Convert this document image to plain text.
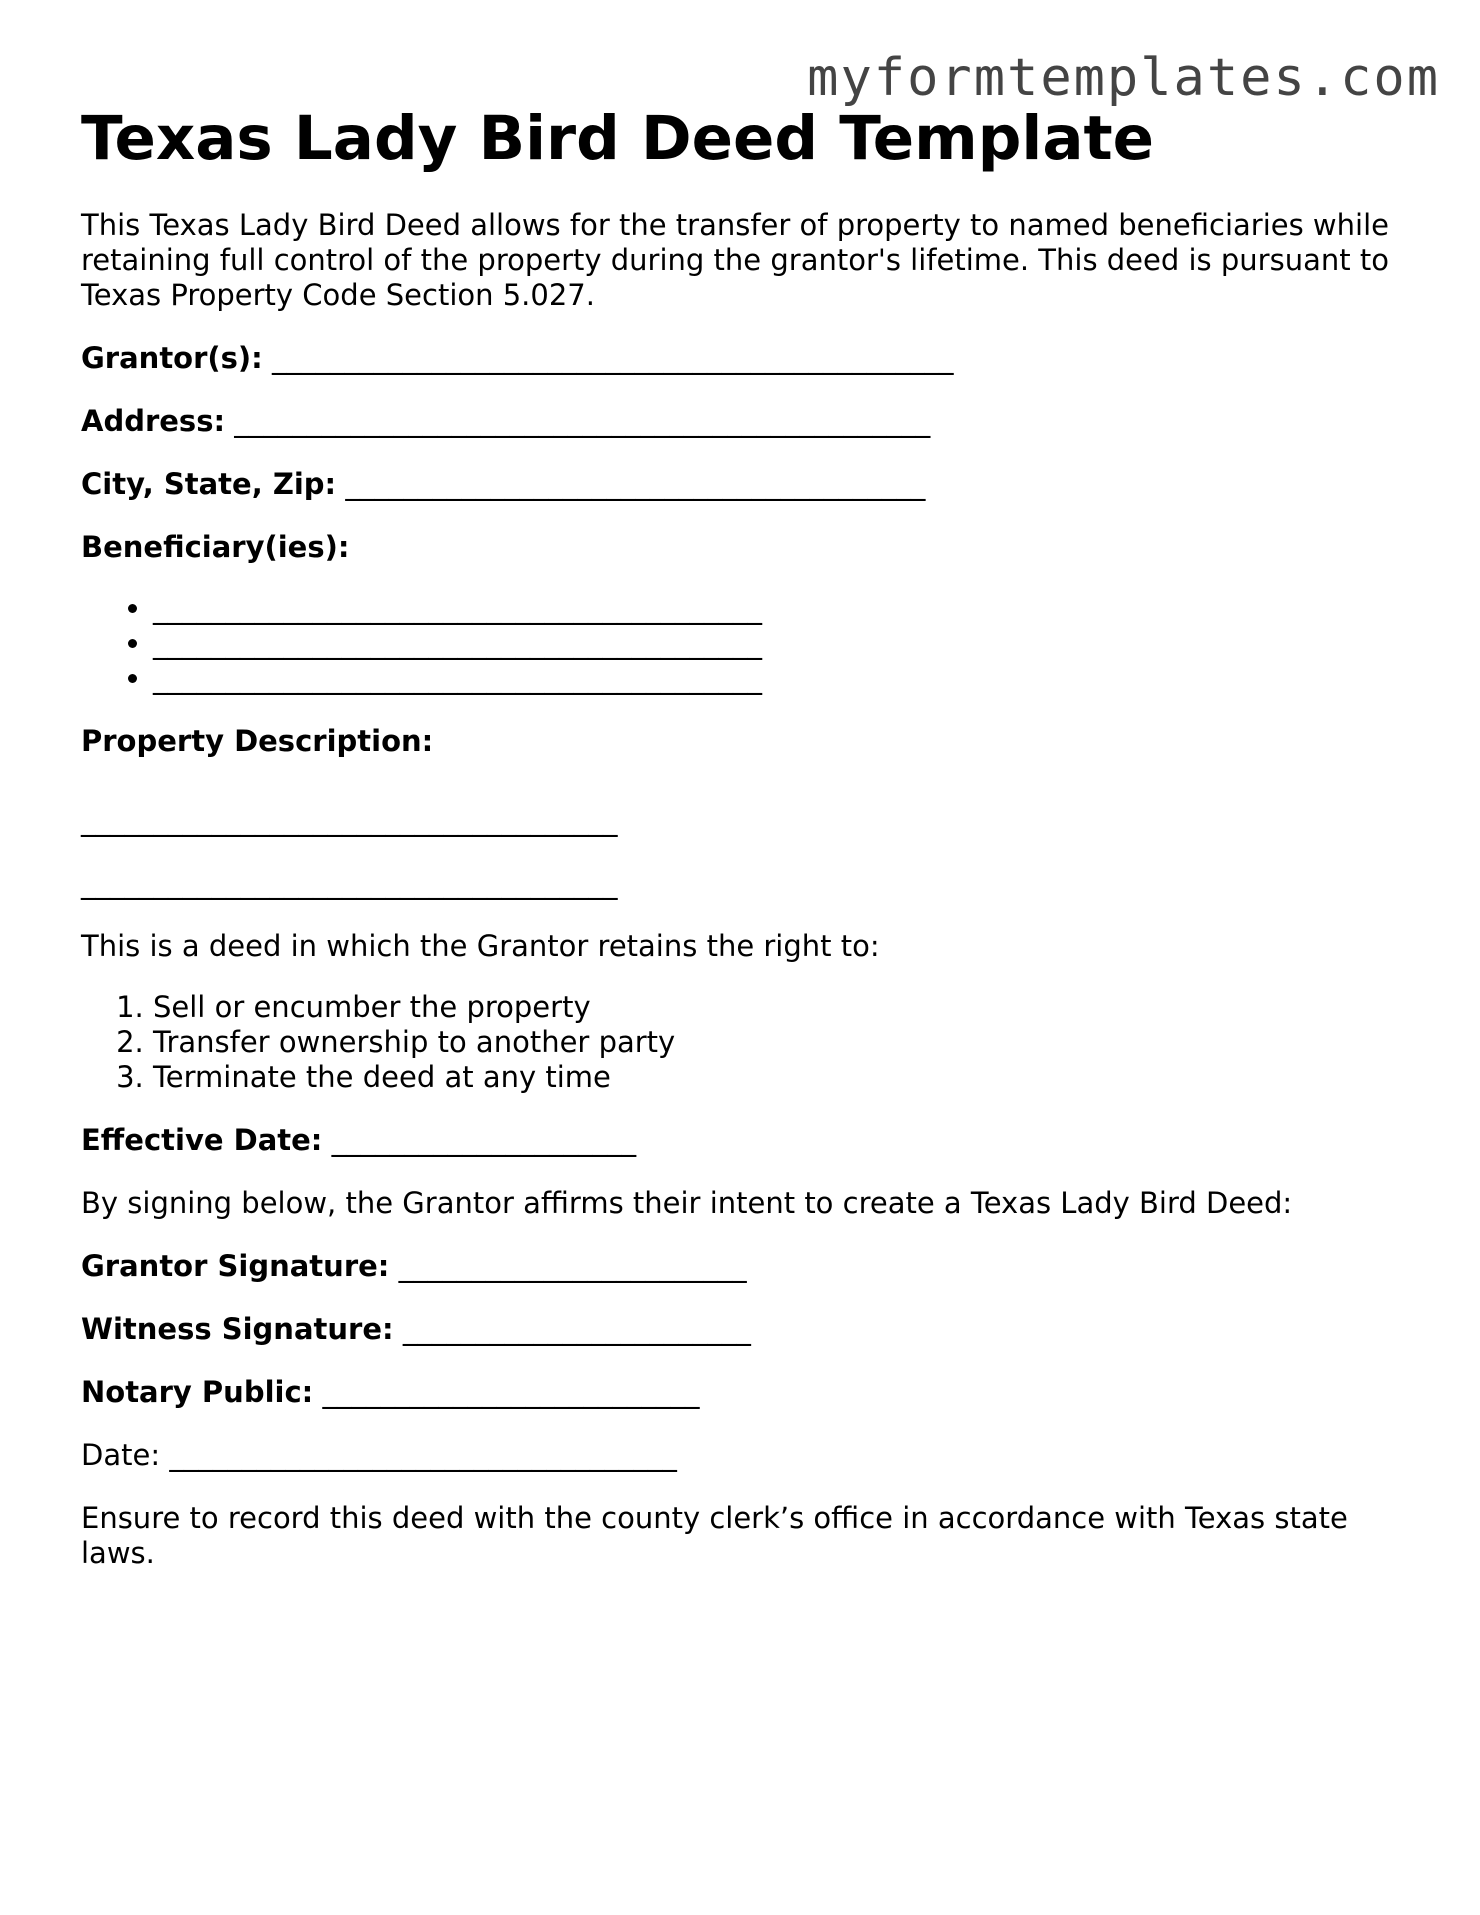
myformtemplates.com
Texas Lady Bird Deed Template

This Texas Lady Bird Deed allows for the transfer of property to named beneficiaries while retaining full control of the property during the grantor's lifetime. This deed is pursuant to Texas Property Code Section 5.027.

Grantor(s): _______________________________________________

Address: ________________________________________________

City, State, Zip: ________________________________________

Beneficiary(ies):

• __________________________________________
• __________________________________________
• __________________________________________

Property Description:

_____________________________________

_____________________________________

This is a deed in which the Grantor retains the right to:

1. Sell or encumber the property
2. Transfer ownership to another party
3. Terminate the deed at any time

Effective Date: _____________________

By signing below, the Grantor affirms their intent to create a Texas Lady Bird Deed:

Grantor Signature: ________________________

Witness Signature: ________________________

Notary Public: __________________________

Date: ___________________________________

Ensure to record this deed with the county clerk’s office in accordance with Texas state laws.
